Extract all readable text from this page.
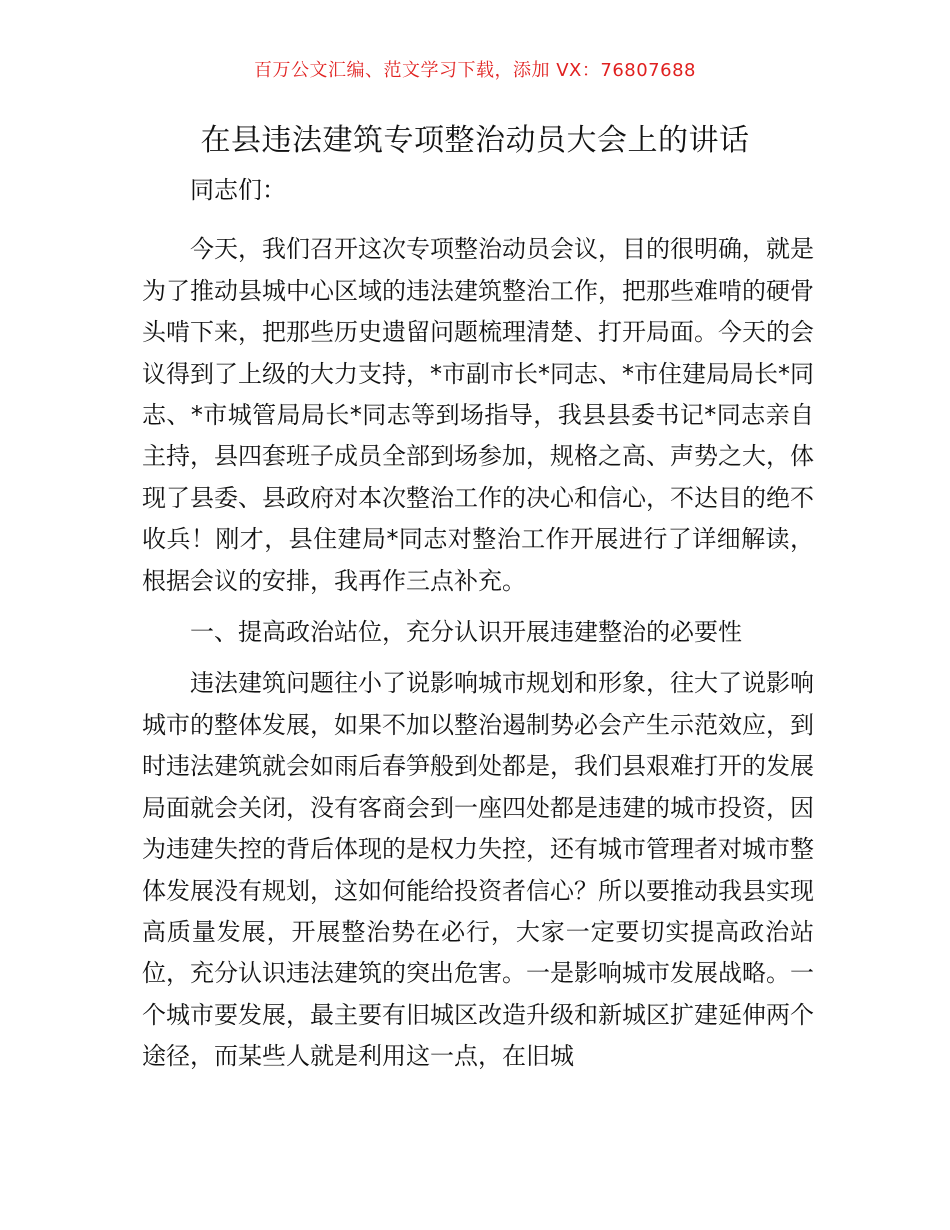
百万公文汇编、范文学习下载，添加 VX：76807688
在县违法建筑专项整治动员大会上的讲话

同志们：

今天，我们召开这次专项整治动员会议，目的很明确，就是为了推动县城中心区域的违法建筑整治工作，把那些难啃的硬骨头啃下来，把那些历史遗留问题梳理清楚、打开局面。今天的会议得到了上级的大力支持，*市副市长*同志、*市住建局局长*同志、*市城管局局长*同志等到场指导，我县县委书记*同志亲自主持，县四套班子成员全部到场参加，规格之高、声势之大，体现了县委、县政府对本次整治工作的决心和信心，不达目的绝不收兵！刚才，县住建局*同志对整治工作开展进行了详细解读，根据会议的安排，我再作三点补充。

一、提高政治站位，充分认识开展违建整治的必要性

违法建筑问题往小了说影响城市规划和形象，往大了说影响城市的整体发展，如果不加以整治遏制势必会产生示范效应，到时违法建筑就会如雨后春笋般到处都是，我们县艰难打开的发展局面就会关闭，没有客商会到一座四处都是违建的城市投资，因为违建失控的背后体现的是权力失控，还有城市管理者对城市整体发展没有规划，这如何能给投资者信心？所以要推动我县实现高质量发展，开展整治势在必行，大家一定要切实提高政治站位，充分认识违法建筑的突出危害。一是影响城市发展战略。一个城市要发展，最主要有旧城区改造升级和新城区扩建延伸两个途径，而某些人就是利用这一点，在旧城
